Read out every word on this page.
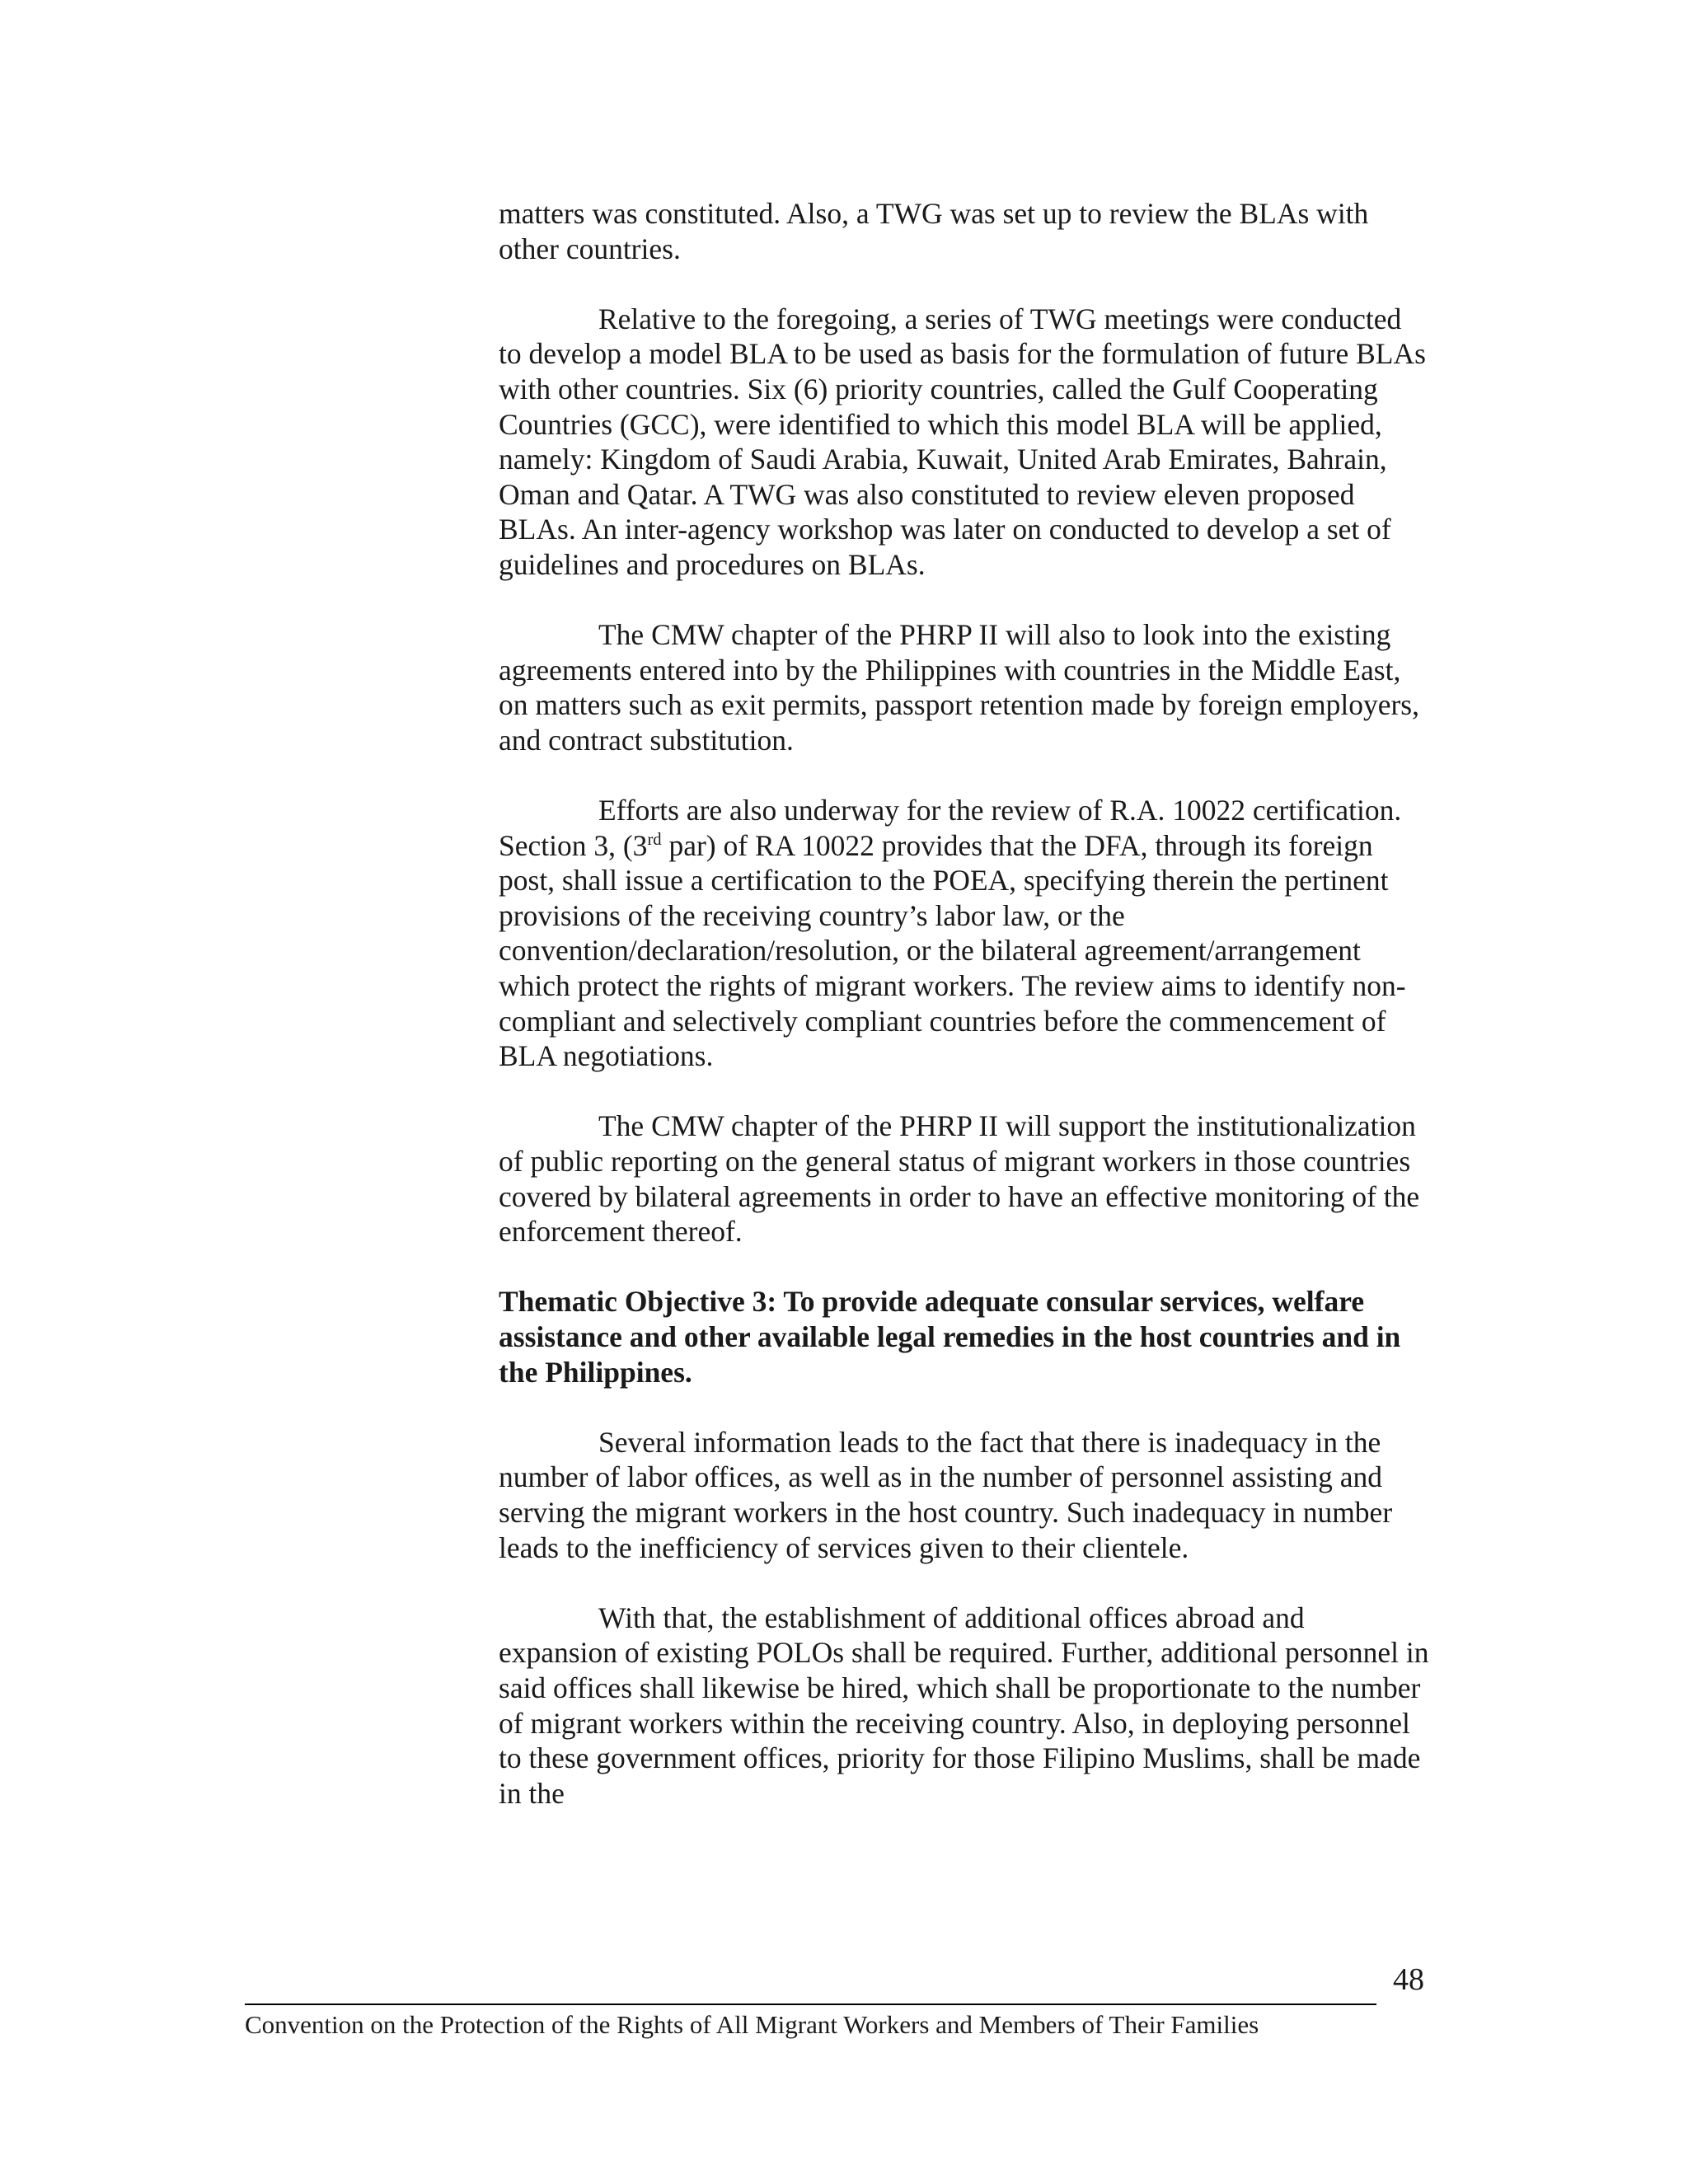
matters was constituted. Also, a TWG was set up to review the BLAs with other countries.

Relative to the foregoing, a series of TWG meetings were conducted to develop a model BLA to be used as basis for the formulation of future BLAs with other countries. Six (6) priority countries, called the Gulf Cooperating Countries (GCC), were identified to which this model BLA will be applied, namely: Kingdom of Saudi Arabia, Kuwait, United Arab Emirates, Bahrain, Oman and Qatar. A TWG was also constituted to review eleven proposed BLAs. An inter-agency workshop was later on conducted to develop a set of guidelines and procedures on BLAs.

The CMW chapter of the PHRP II will also to look into the existing agreements entered into by the Philippines with countries in the Middle East, on matters such as exit permits, passport retention made by foreign employers, and contract substitution.

Efforts are also underway for the review of R.A. 10022 certification. Section 3, (3rd par) of RA 10022 provides that the DFA, through its foreign post, shall issue a certification to the POEA, specifying therein the pertinent provisions of the receiving country’s labor law, or the convention/declaration/resolution, or the bilateral agreement/arrangement which protect the rights of migrant workers. The review aims to identify non-compliant and selectively compliant countries before the commencement of BLA negotiations.

The CMW chapter of the PHRP II will support the institutionalization of public reporting on the general status of migrant workers in those countries covered by bilateral agreements in order to have an effective monitoring of the enforcement thereof.

Thematic Objective 3: To provide adequate consular services, welfare assistance and other available legal remedies in the host countries and in the Philippines.

Several information leads to the fact that there is inadequacy in the number of labor offices, as well as in the number of personnel assisting and serving the migrant workers in the host country. Such inadequacy in number leads to the inefficiency of services given to their clientele.

With that, the establishment of additional offices abroad and expansion of existing POLOs shall be required. Further, additional personnel in said offices shall likewise be hired, which shall be proportionate to the number of migrant workers within the receiving country. Also, in deploying personnel to these government offices, priority for those Filipino Muslims, shall be made in the

48
Convention on the Protection of the Rights of All Migrant Workers and Members of Their Families
